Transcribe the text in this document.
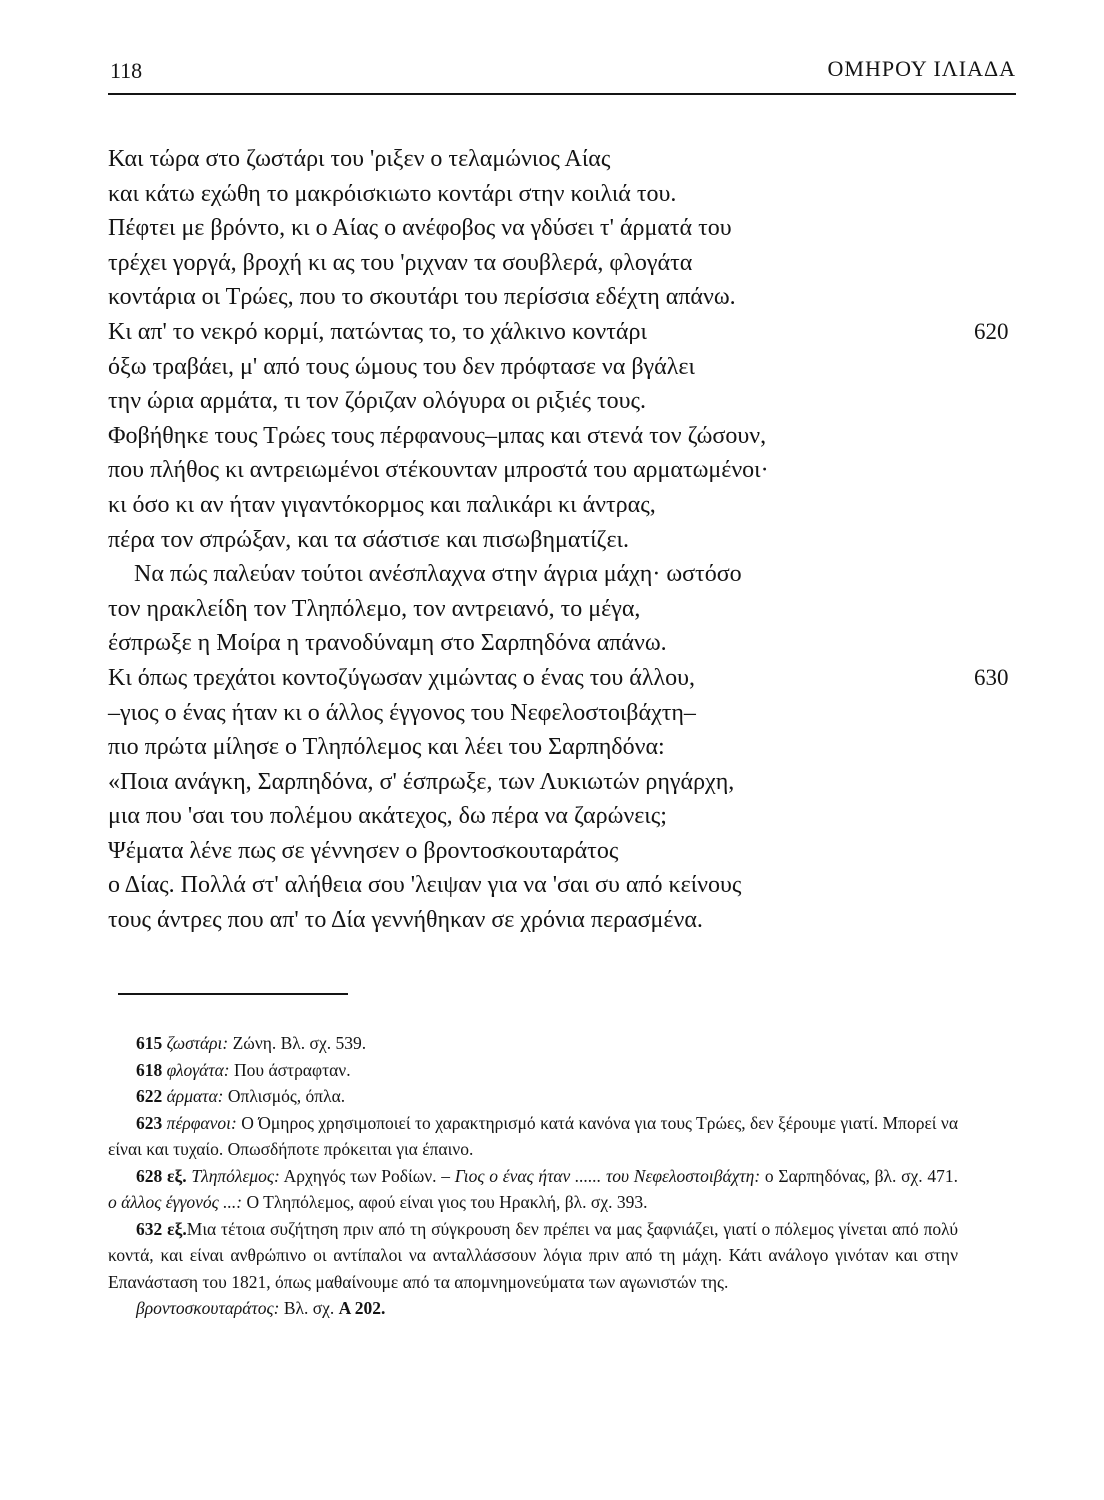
118	ΟΜΗΡΟΥ ΙΛΙΑΔΑ
Και τώρα στο ζωστάρι του 'ριξεν ο τελαμώνιος Αίας
και κάτω εχώθη το μακρόισκιωτο κοντάρι στην κοιλιά του.
Πέφτει με βρόντο, κι ο Αίας ο ανέφοβος να γδύσει τ' άρματά του
τρέχει γοργά, βροχή κι ας του 'ριχναν τα σουβλερά, φλογάτα
κοντάρια οι Τρώες, που το σκουτάρι του περίσσια εδέχτη απάνω.
Κι απ' το νεκρό κορμί, πατώντας το, το χάλκινο κοντάρι	620
όξω τραβάει, μ' από τους ώμους του δεν πρόφτασε να βγάλει
την ώρια αρμάτα, τι τον ζόριζαν ολόγυρα οι ριξιές τους.
Φοβήθηκε τους Τρώες τους πέρφανους–μπας και στενά τον ζώσουν,
που πλήθος κι αντρειωμένοι στέκουνταν μπροστά του αρματωμένοι·
κι όσο κι αν ήταν γιγαντόκορμος και παλικάρι κι άντρας,
πέρα τον σπρώξαν, και τα σάστισε και πισωβηματίζει.
Να πώς παλεύαν τούτοι ανέσπλαχνα στην άγρια μάχη· ωστόσο
τον ηρακλείδη τον Τληπόλεμο, τον αντρειανό, το μέγα,
έσπρωξε η Μοίρα η τρανοδύναμη στο Σαρπηδόνα απάνω.
Κι όπως τρεχάτοι κοντοζύγωσαν χιμώντας ο ένας του άλλου,	630
–γιος ο ένας ήταν κι ο άλλος έγγονος του Νεφελοστοιβάχτη–
πιο πρώτα μίλησε ο Τληπόλεμος και λέει του Σαρπηδόνα:
«Ποια ανάγκη, Σαρπηδόνα, σ' έσπρωξε, των Λυκιωτών ρηγάρχη,
μια που 'σαι του πολέμου ακάτεχος, δω πέρα να ζαρώνεις;
Ψέματα λένε πως σε γέννησεν ο βροντοσκουταράτος
ο Δίας. Πολλά στ' αλήθεια σου 'λειψαν για να 'σαι συ από κείνους
τους άντρες που απ' το Δία γεννήθηκαν σε χρόνια περασμένα.

615 ζωστάρι: Ζώνη. Βλ. σχ. 539.

618 φλογάτα: Που άστραφταν.

622 άρματα: Οπλισμός, όπλα.

623 πέρφανοι: Ο Όμηρος χρησιμοποιεί το χαρακτηρισμό κατά κανόνα για τους Τρώες, δεν ξέρουμε γιατί. Μπορεί να είναι και τυχαίο. Οπωσδήποτε πρόκειται για έπαινο.

628 εξ. Τληπόλεμος: Αρχηγός των Ροδίων. – Γιος ο ένας ήταν ...... του Νεφελοστοιβάχτη: ο Σαρπηδόνας, βλ. σχ. 471. ο άλλος έγγονός ...: Ο Τληπόλεμος, αφού είναι γιος του Ηρακλή, βλ. σχ. 393.

632 εξ.Μια τέτοια συζήτηση πριν από τη σύγκρουση δεν πρέπει να μας ξαφνιάζει, γιατί ο πόλεμος γίνεται από πολύ κοντά, και είναι ανθρώπινο οι αντίπαλοι να ανταλλάσσουν λόγια πριν από τη μάχη. Κάτι ανάλογο γινόταν και στην Επανάσταση του 1821, όπως μαθαίνουμε από τα απομνημονεύματα των αγωνιστών της.

βροντοσκουταράτος: Βλ. σχ. Α 202.
